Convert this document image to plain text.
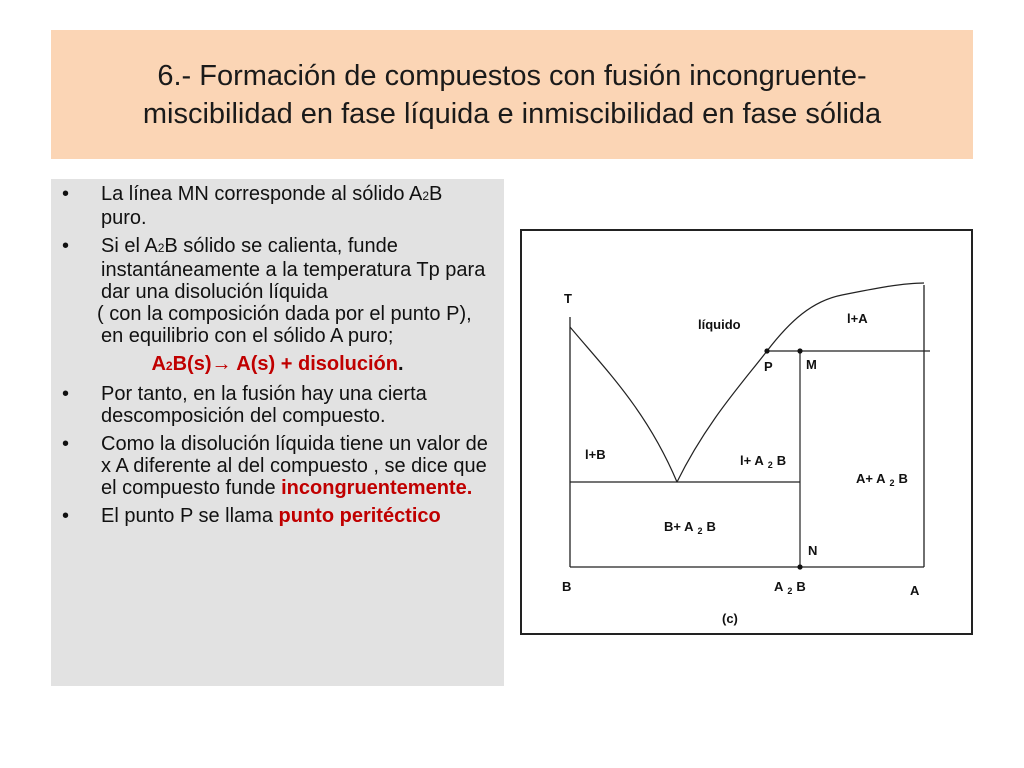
6.- Formación de compuestos con fusión incongruente-
miscibilidad en fase líquida e inmiscibilidad en fase sólida
• La línea MN corresponde al sólido A2B puro.
• Si el A2B sólido se calienta, funde instantáneamente a la temperatura Tp para dar una disolución líquida
( con la composición dada por el punto P), en equilibrio con el sólido A puro;
A2B(s)→ A(s) + disolución.
• Por tanto, en la fusión hay una cierta descomposición del compuesto.
• Como la disolución líquida tiene un valor de x A diferente al del compuesto , se dice que el compuesto funde incongruentemente.
• El punto P se llama punto peritéctico
T
líquido	l+A
P	M
l+B	l+ A $_2$ B
A+ A $_2$ B
B+ A $_2$ B
N
B	A $_2$ B	A
(c)
